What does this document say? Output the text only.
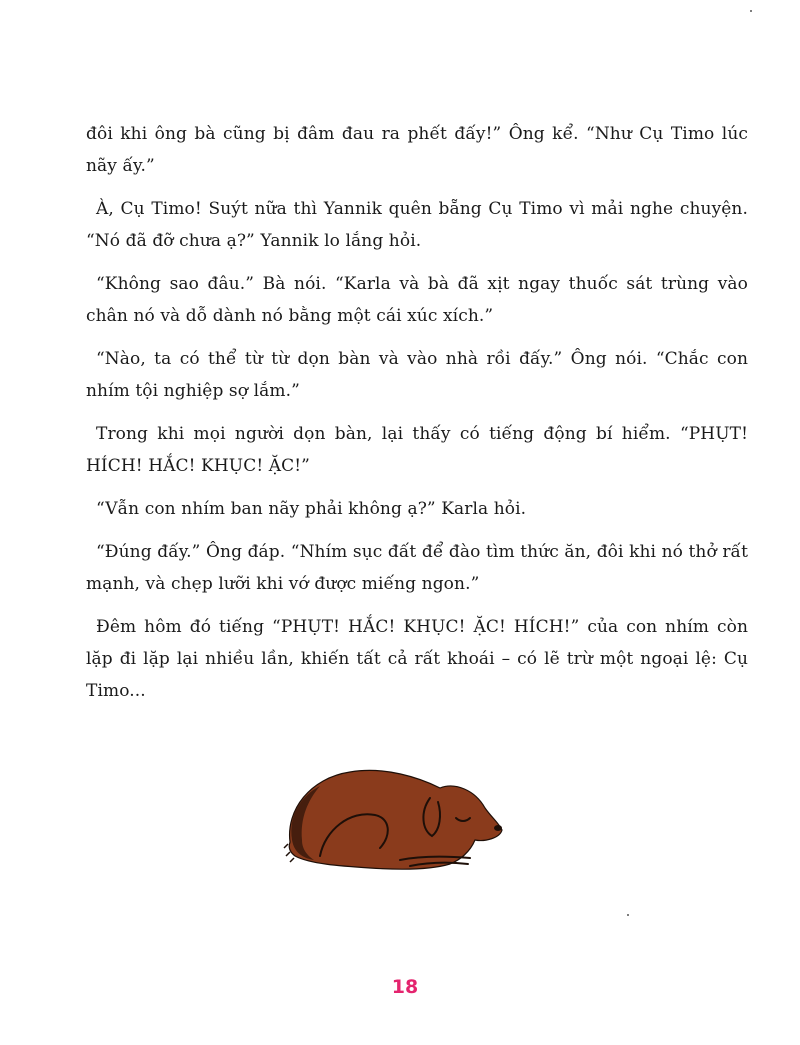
đôi khi ông bà cũng bị đâm đau ra phết đấy!” Ông kể. “Như Cụ Timo lúc nãy ấy.”

À, Cụ Timo! Suýt nữa thì Yannik quên bẵng Cụ Timo vì mải nghe chuyện. “Nó đã đỡ chưa ạ?” Yannik lo lắng hỏi.

“Không sao đâu.” Bà nói. “Karla và bà đã xịt ngay thuốc sát trùng vào chân nó và dỗ dành nó bằng một cái xúc xích.”

“Nào, ta có thể từ từ dọn bàn và vào nhà rồi đấy.” Ông nói. “Chắc con nhím tội nghiệp sợ lắm.”

Trong khi mọi người dọn bàn, lại thấy có tiếng động bí hiểm. “PHỤT! HÍCH! HẮC! KHỤC! ẶC!”

“Vẫn con nhím ban nãy phải không ạ?” Karla hỏi.

“Đúng đấy.” Ông đáp. “Nhím sục đất để đào tìm thức ăn, đôi khi nó thở rất mạnh, và chẹp lưỡi khi vớ được miếng ngon.”

Đêm hôm đó tiếng “PHỤT! HẮC! KHỤC! ẶC! HÍCH!” của con nhím còn lặp đi lặp lại nhiều lần, khiến tất cả rất khoái – có lẽ trừ một ngoại lệ: Cụ Timo...

18
